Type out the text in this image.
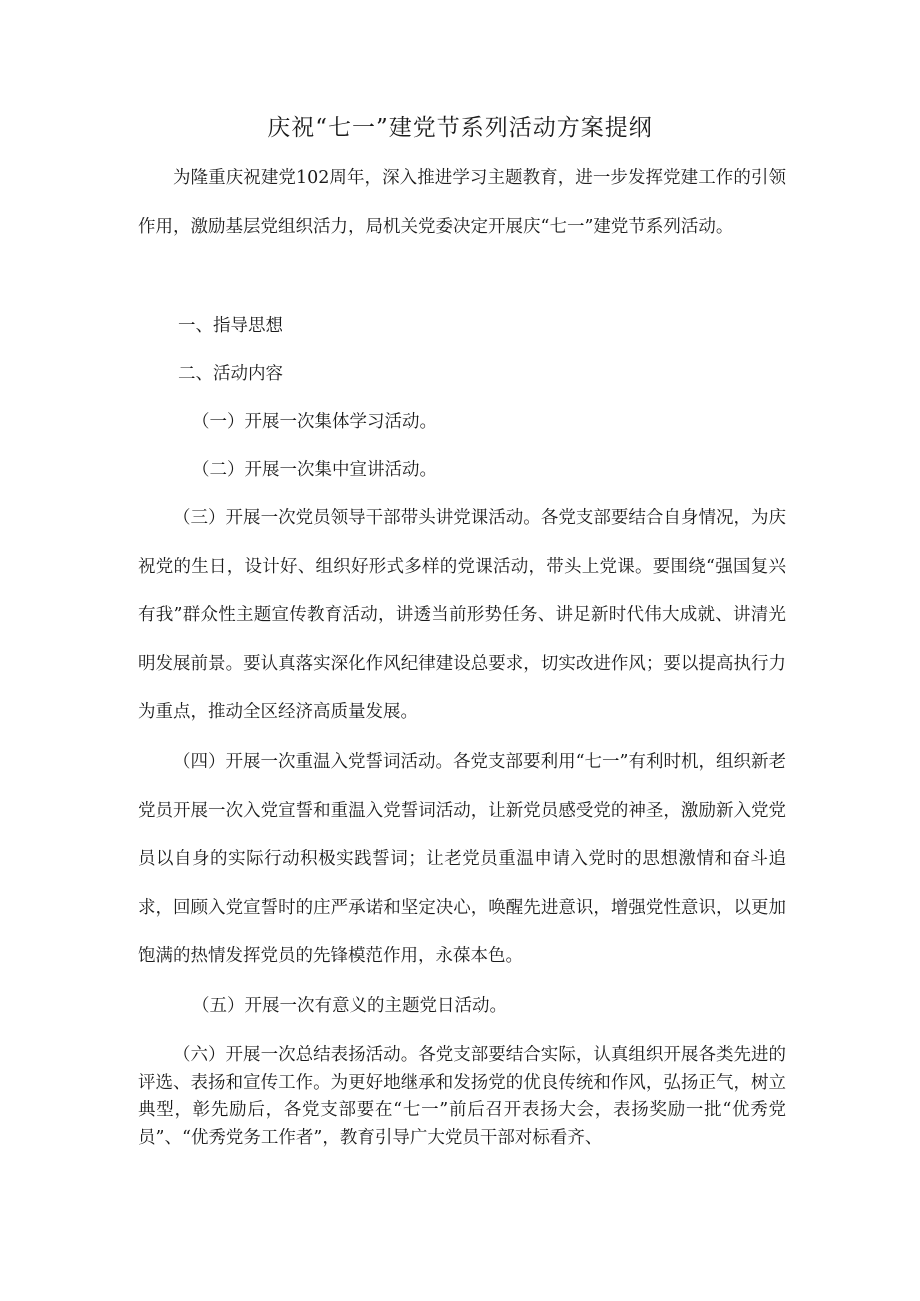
庆祝“七一”建党节系列活动方案提纲

为隆重庆祝建党102周年，深入推进学习主题教育，进一步发挥党建工作的引领作用，激励基层党组织活力，局机关党委决定开展庆“七一”建党节系列活动。

一、指导思想

二、活动内容

（一）开展一次集体学习活动。

（二）开展一次集中宣讲活动。

（三）开展一次党员领导干部带头讲党课活动。各党支部要结合自身情况，为庆祝党的生日，设计好、组织好形式多样的党课活动，带头上党课。要围绕“强国复兴有我”群众性主题宣传教育活动，讲透当前形势任务、讲足新时代伟大成就、讲清光明发展前景。要认真落实深化作风纪律建设总要求，切实改进作风；要以提高执行力为重点，推动全区经济高质量发展。

（四）开展一次重温入党誓词活动。各党支部要利用“七一”有利时机，组织新老党员开展一次入党宣誓和重温入党誓词活动，让新党员感受党的神圣，激励新入党党员以自身的实际行动积极实践誓词；让老党员重温申请入党时的思想激情和奋斗追求，回顾入党宣誓时的庄严承诺和坚定决心，唤醒先进意识，增强党性意识，以更加饱满的热情发挥党员的先锋模范作用，永葆本色。

（五）开展一次有意义的主题党日活动。

（六）开展一次总结表扬活动。各党支部要结合实际，认真组织开展各类先进的评选、表扬和宣传工作。为更好地继承和发扬党的优良传统和作风，弘扬正气，树立典型，彰先励后，各党支部要在“七一”前后召开表扬大会，表扬奖励一批“优秀党员”、“优秀党务工作者”，教育引导广大党员干部对标看齐、
